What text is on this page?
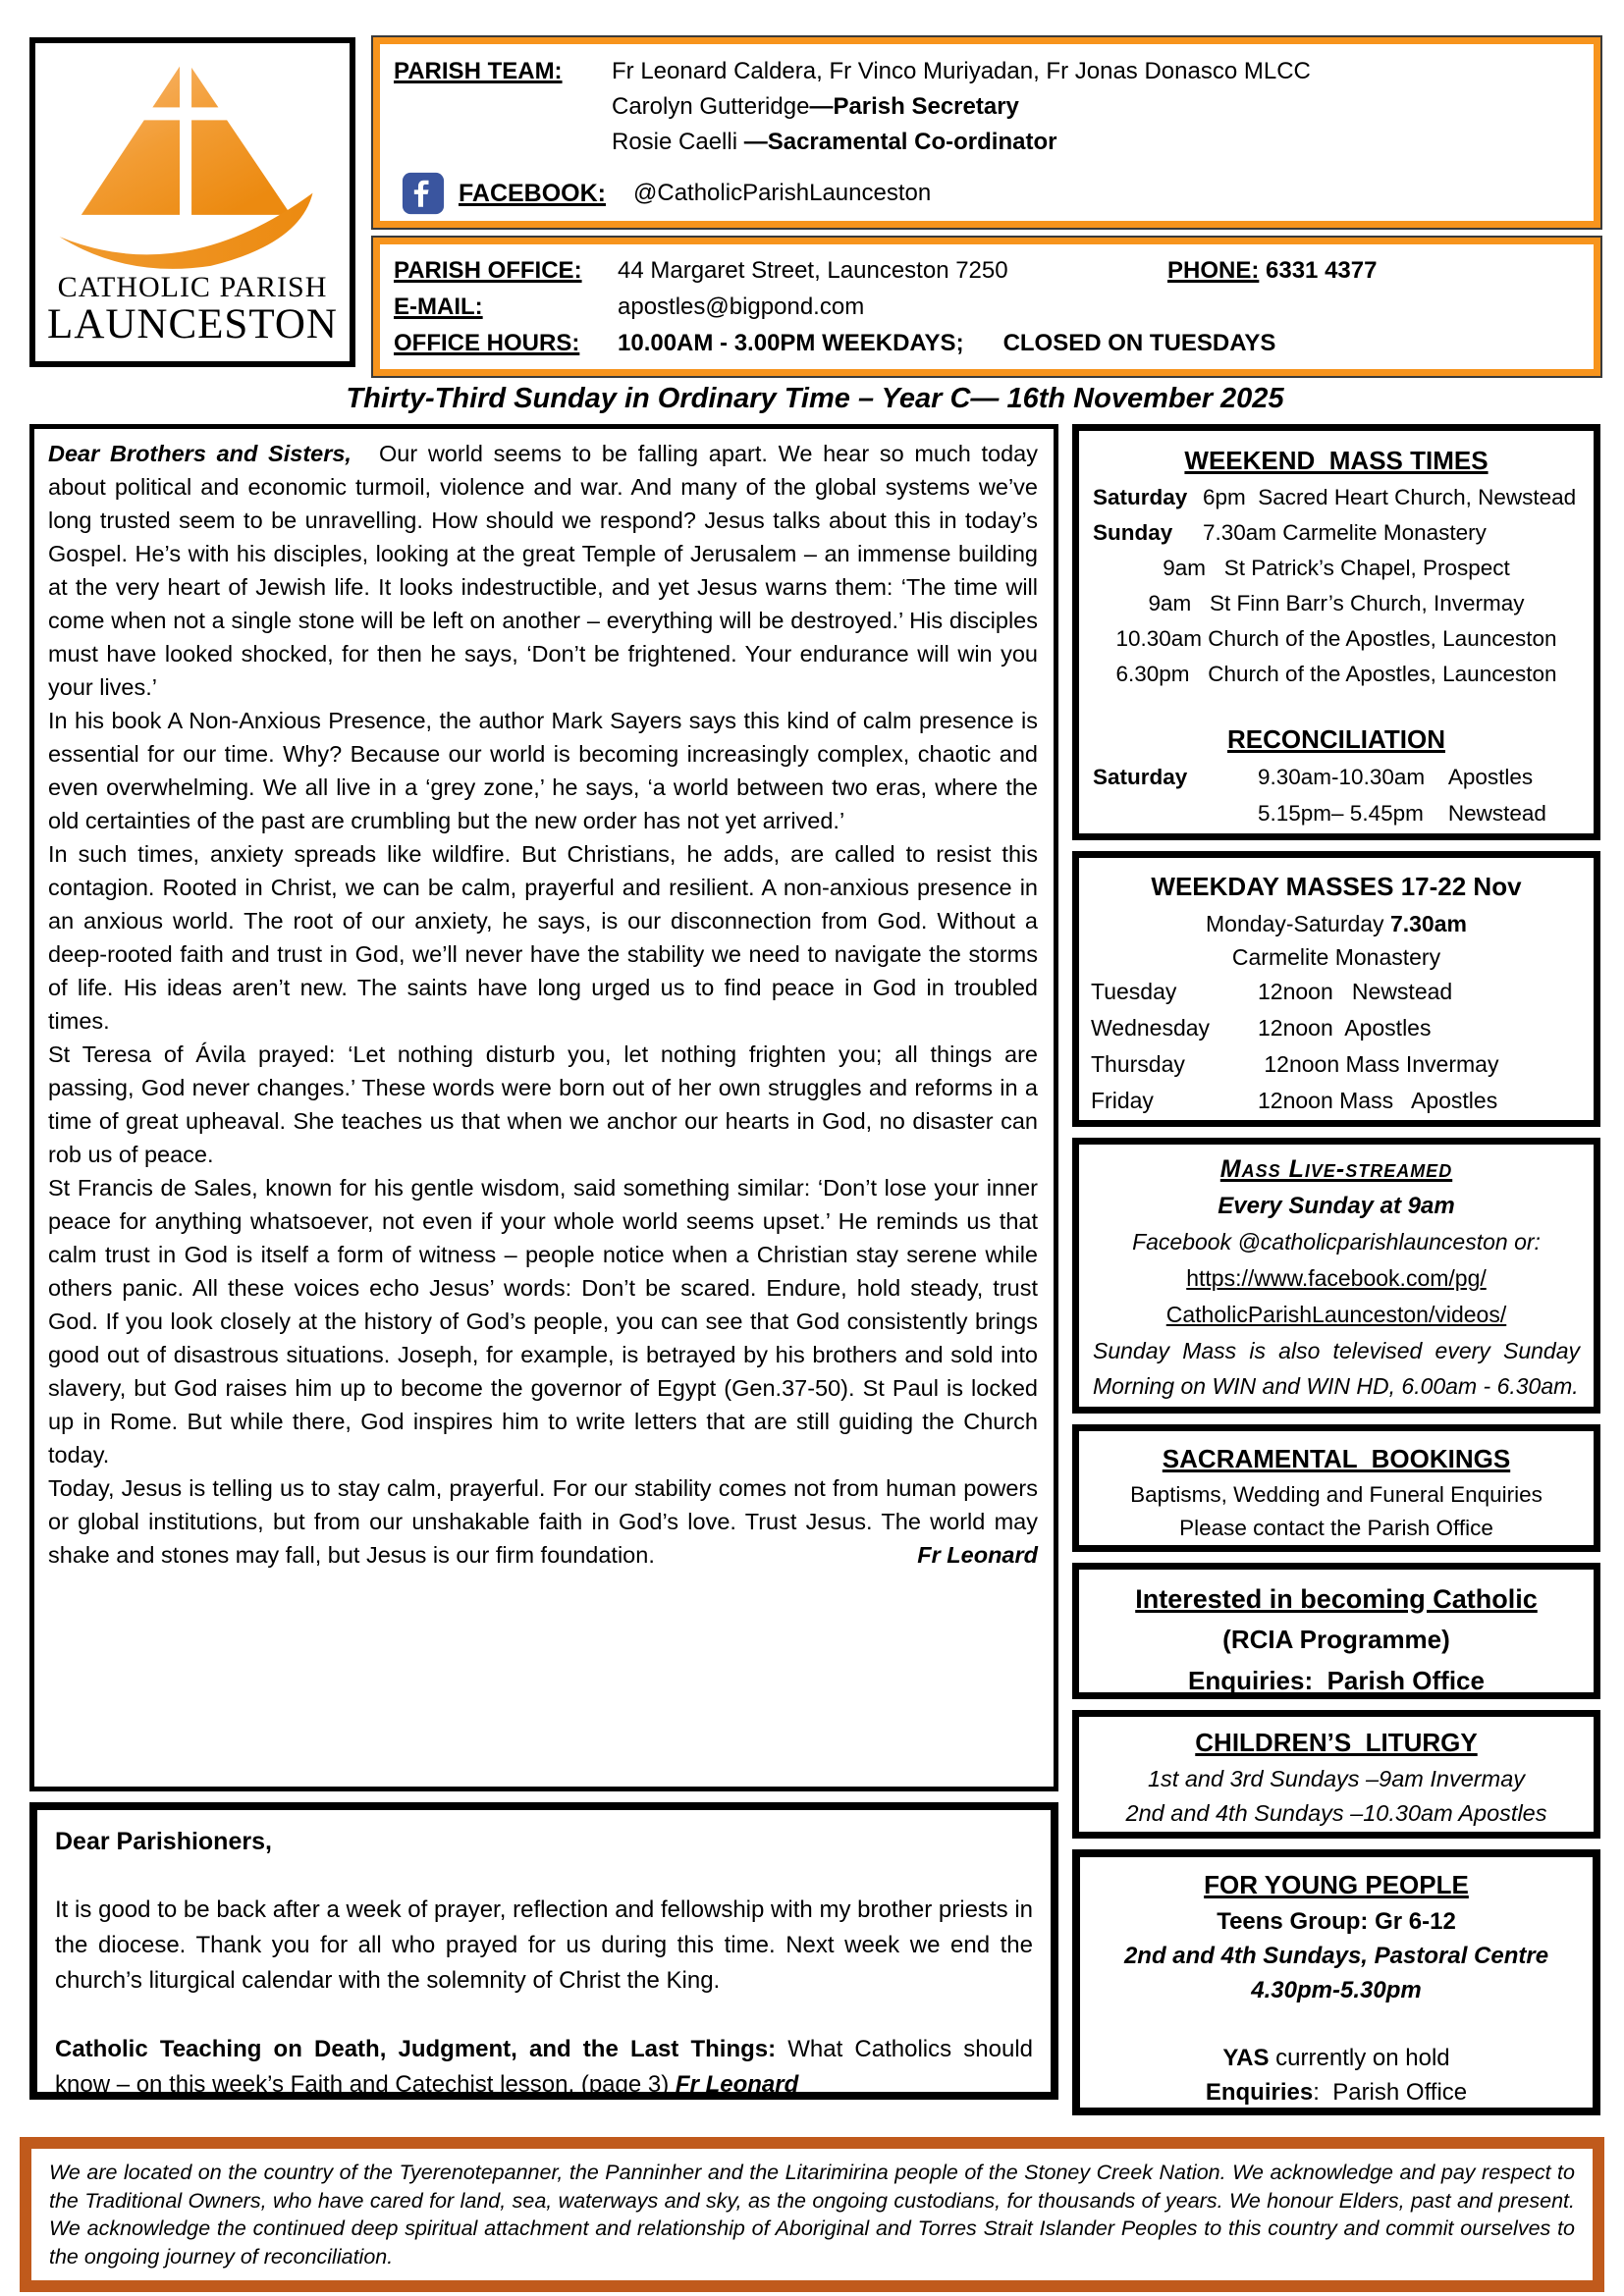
CATHOLIC PARISH
LAUNCESTON
PARISH TEAM:	Fr Leonard Caldera, Fr Vinco Muriyadan, Fr Jonas Donasco MLCC
Carolyn Gutteridge—Parish Secretary
Rosie Caelli —Sacramental Co-ordinator
FACEBOOK: @CatholicParishLaunceston
PARISH OFFICE:	44 Margaret Street, Launceston 7250	PHONE: 6331 4377
E-MAIL:	apostles@bigpond.com
OFFICE HOURS:	10.00AM - 3.00PM WEEKDAYS;      CLOSED ON TUESDAYS
Thirty-Third Sunday in Ordinary Time – Year C— 16th November 2025

Dear Brothers and Sisters, Our world seems to be falling apart. We hear so much today about political and economic turmoil, violence and war. And many of the global systems we’ve long trusted seem to be unravelling. How should we respond? Jesus talks about this in today’s Gospel. He’s with his disciples, looking at the great Temple of Jerusalem – an immense building at the very heart of Jewish life. It looks indestructible, and yet Jesus warns them: ‘The time will come when not a single stone will be left on another – everything will be destroyed.’ His disciples must have looked shocked, for then he says, ‘Don’t be frightened. Your endurance will win you your lives.’

In his book A Non-Anxious Presence, the author Mark Sayers says this kind of calm presence is essential for our time. Why? Because our world is becoming increasingly complex, chaotic and even overwhelming. We all live in a ‘grey zone,’ he says, ‘a world between two eras, where the old certainties of the past are crumbling but the new order has not yet arrived.’

In such times, anxiety spreads like wildfire. But Christians, he adds, are called to resist this contagion. Rooted in Christ, we can be calm, prayerful and resilient. A non-anxious presence in an anxious world. The root of our anxiety, he says, is our disconnection from God. Without a deep-rooted faith and trust in God, we’ll never have the stability we need to navigate the storms of life. His ideas aren’t new. The saints have long urged us to find peace in God in troubled times.

St Teresa of Ávila prayed: ‘Let nothing disturb you, let nothing frighten you; all things are passing, God never changes.’ These words were born out of her own struggles and reforms in a time of great upheaval. She teaches us that when we anchor our hearts in God, no disaster can rob us of peace.

St Francis de Sales, known for his gentle wisdom, said something similar: ‘Don’t lose your inner peace for anything whatsoever, not even if your whole world seems upset.’ He reminds us that calm trust in God is itself a form of witness – people notice when a Christian stay serene while others panic. All these voices echo Jesus’ words: Don’t be scared. Endure, hold steady, trust God. If you look closely at the history of God’s people, you can see that God consistently brings good out of disastrous situations. Joseph, for example, is betrayed by his brothers and sold into slavery, but God raises him up to become the governor of Egypt (Gen.37-50). St Paul is locked up in Rome. But while there, God inspires him to write letters that are still guiding the Church today.

Today, Jesus is telling us to stay calm, prayerful. For our stability comes not from human powers or global institutions, but from our unshakable faith in God’s love. Trust Jesus. The world may shake and stones may fall, but Jesus is our firm foundation.	Fr Leonard

Dear Parishioners,

It is good to be back after a week of prayer, reflection and fellowship with my brother priests in the diocese. Thank you for all who prayed for us during this time. Next week we end the church’s liturgical calendar with the solemnity of Christ the King.

Catholic Teaching on Death, Judgment, and the Last Things: What Catholics should know – on this week’s Faith and Catechist lesson, (page 3) Fr Leonard

WEEKEND  MASS TIMES
Saturday 6pm  Sacred Heart Church, Newstead
Sunday	7.30am Carmelite Monastery
9am   St Patrick’s Chapel, Prospect
9am   St Finn Barr’s Church, Invermay
10.30am Church of the Apostles, Launceston
6.30pm   Church of the Apostles, Launceston
RECONCILIATION
Saturday	9.30am-10.30am    Apostles
5.15pm– 5.45pm    Newstead
WEEKDAY MASSES 17-22 Nov
Monday-Saturday 7.30am
Carmelite Monastery
Tuesday	12noon   Newstead
Wednesday	12noon  Apostles
Thursday	12noon Mass Invermay
Friday	12noon Mass   Apostles
Mass Live-streamed
Every Sunday at 9am
Facebook @catholicparishlaunceston or:
https://www.facebook.com/pg/
CatholicParishLaunceston/videos/
Sunday Mass is also televised every Sunday Morning on WIN and WIN HD, 6.00am - 6.30am.
SACRAMENTAL  BOOKINGS
Baptisms, Wedding and Funeral Enquiries
Please contact the Parish Office
Interested in becoming Catholic
(RCIA Programme)
Enquiries:  Parish Office
CHILDREN’S  LITURGY
1st and 3rd Sundays –9am Invermay
2nd and 4th Sundays –10.30am Apostles
FOR YOUNG PEOPLE
Teens Group: Gr 6-12
2nd and 4th Sundays, Pastoral Centre
4.30pm-5.30pm
YAS currently on hold
Enquiries:  Parish Office
We are located on the country of the Tyerenotepanner, the Panninher and the Litarimirina people of the Stoney Creek Nation. We acknowledge and pay respect to the Traditional Owners, who have cared for land, sea, waterways and sky, as the ongoing custodians, for thousands of years. We honour Elders, past and present. We acknowledge the continued deep spiritual attachment and relationship of Aboriginal and Torres Strait Islander Peoples to this country and commit ourselves to the ongoing journey of reconciliation.
